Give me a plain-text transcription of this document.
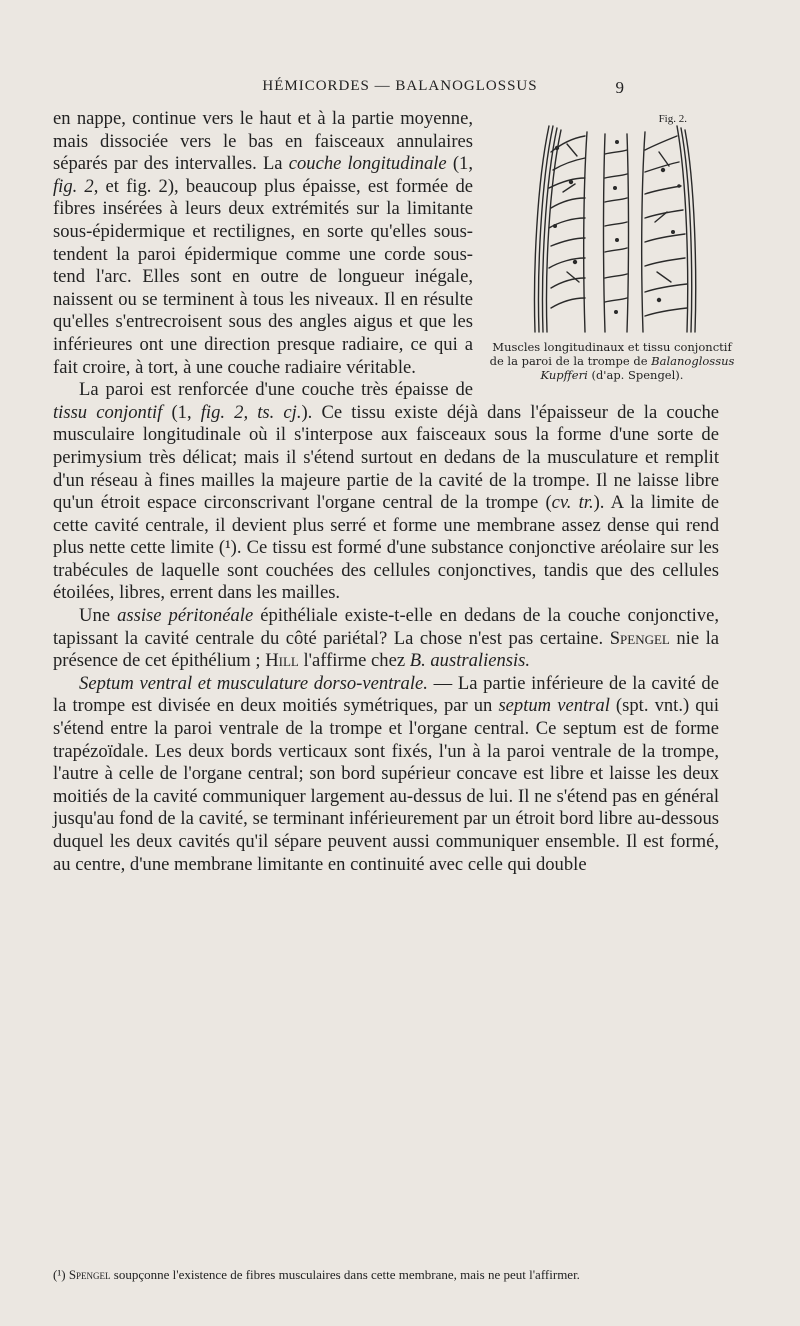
HÉMICORDES — BALANOGLOSSUS	9
Fig. 2.
Muscles longitudinaux et tissu conjonctif de la paroi de la trompe de Balanoglossus Kupfferi (d'ap. Spengel).

en nappe, continue vers le haut et à la partie moyenne, mais dissociée vers le bas en faisceaux annulaires séparés par des intervalles. La couche longitudinale (1, fig. 2, et fig. 2), beaucoup plus épaisse, est formée de fibres insérées à leurs deux extrémités sur la limitante sous-épidermique et rectilignes, en sorte qu'elles sous-tendent la paroi épidermique comme une corde sous-tend l'arc. Elles sont en outre de longueur inégale, naissent ou se terminent à tous les niveaux. Il en résulte qu'elles s'entrecroisent sous des angles aigus et que les inférieures ont une direction presque radiaire, ce qui a fait croire, à tort, à une couche radiaire véritable.

La paroi est renforcée d'une couche très épaisse de tissu conjontif (1, fig. 2, ts. cj.). Ce tissu existe déjà dans l'épaisseur de la couche musculaire longitudinale où il s'interpose aux faisceaux sous la forme d'une sorte de perimysium très délicat; mais il s'étend surtout en dedans de la musculature et remplit d'un réseau à fines mailles la majeure partie de la cavité de la trompe. Il ne laisse libre qu'un étroit espace circonscrivant l'organe central de la trompe (cv. tr.). A la limite de cette cavité centrale, il devient plus serré et forme une membrane assez dense qui rend plus nette cette limite (¹). Ce tissu est formé d'une substance conjonctive aréolaire sur les trabécules de laquelle sont couchées des cellules conjonctives, tandis que des cellules étoilées, libres, errent dans les mailles.

Une assise péritonéale épithéliale existe-t-elle en dedans de la couche conjonctive, tapissant la cavité centrale du côté pariétal? La chose n'est pas certaine. Spengel nie la présence de cet épithélium ; Hill l'affirme chez B. australiensis.

Septum ventral et musculature dorso-ventrale. — La partie inférieure de la cavité de la trompe est divisée en deux moitiés symétriques, par un septum ventral (spt. vnt.) qui s'étend entre la paroi ventrale de la trompe et l'organe central. Ce septum est de forme trapézoïdale. Les deux bords verticaux sont fixés, l'un à la paroi ventrale de la trompe, l'autre à celle de l'organe central; son bord supérieur concave est libre et laisse les deux moitiés de la cavité communiquer largement au-dessus de lui. Il ne s'étend pas en général jusqu'au fond de la cavité, se terminant inférieurement par un étroit bord libre au-dessous duquel les deux cavités qu'il sépare peuvent aussi communiquer ensemble. Il est formé, au centre, d'une membrane limitante en continuité avec celle qui double

(¹) Spengel soupçonne l'existence de fibres musculaires dans cette membrane, mais ne peut l'affirmer.
